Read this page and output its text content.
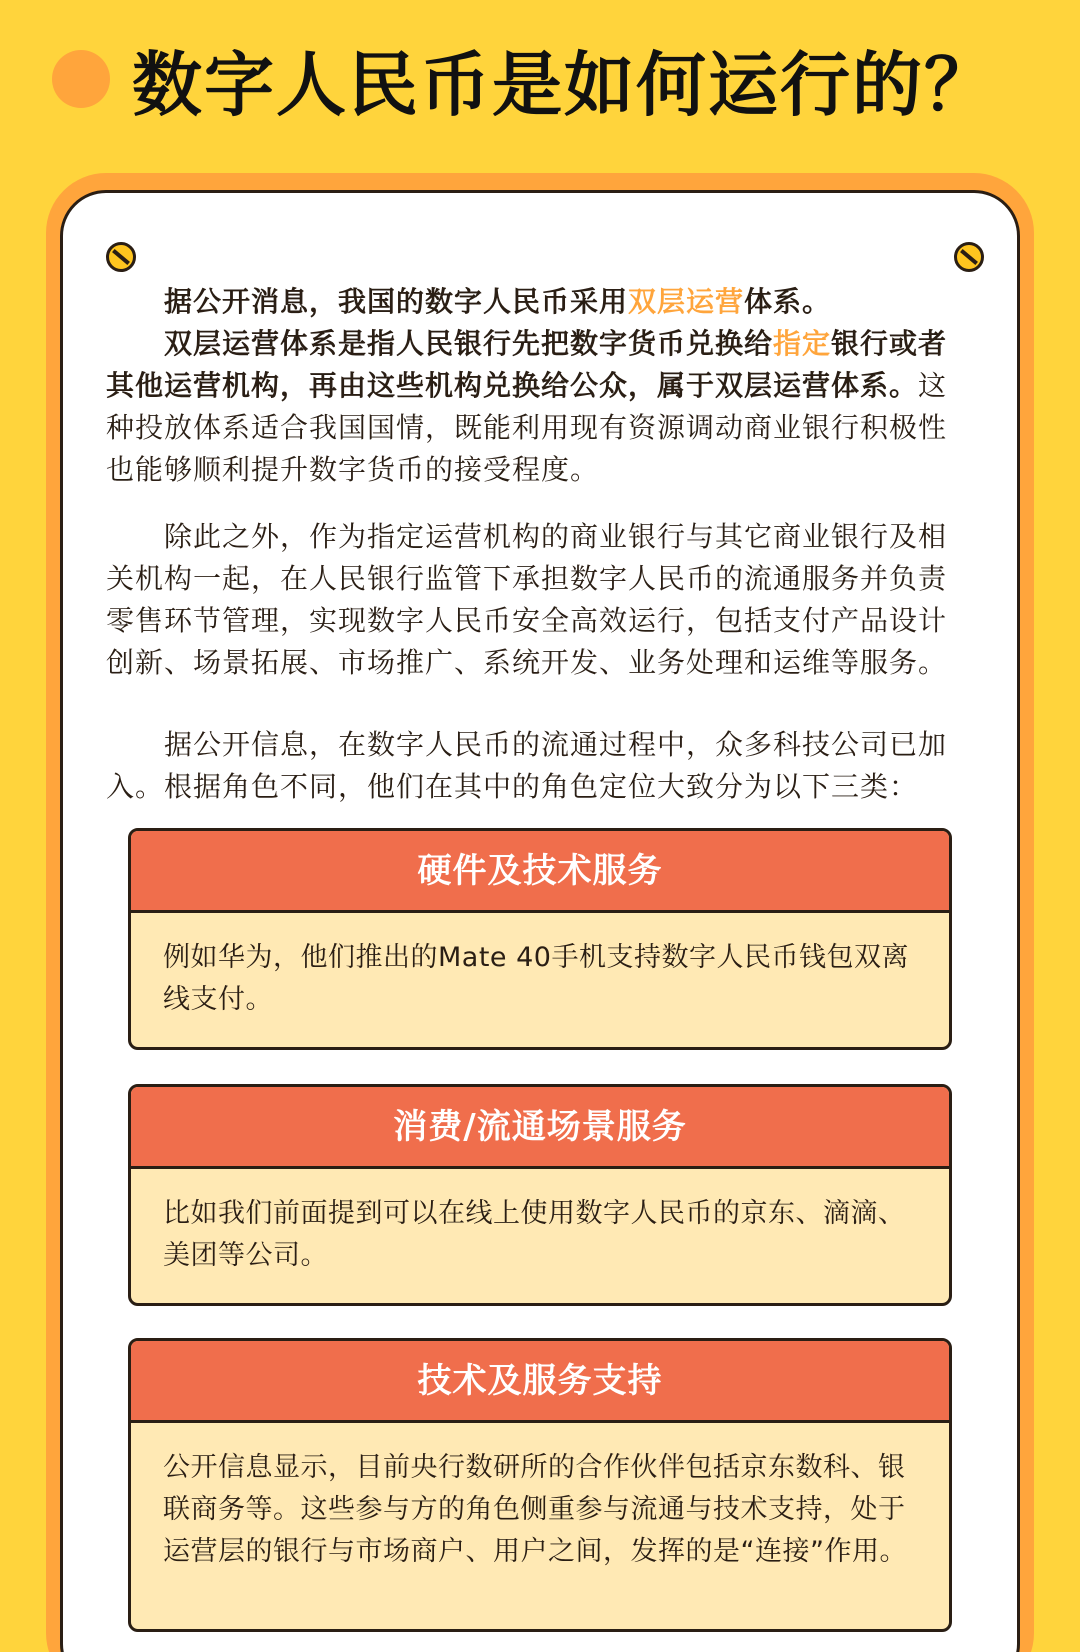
数字人民币是如何运行的？

据公开消息，我国的数字人民币采用双层运营体系。

双层运营体系是指人民银行先把数字货币兑换给指定银行或者其他运营机构，再由这些机构兑换给公众，属于双层运营体系。这种投放体系适合我国国情，既能利用现有资源调动商业银行积极性也能够顺利提升数字货币的接受程度。

除此之外，作为指定运营机构的商业银行与其它商业银行及相关机构一起，在人民银行监管下承担数字人民币的流通服务并负责零售环节管理，实现数字人民币安全高效运行，包括支付产品设计创新、场景拓展、市场推广、系统开发、业务处理和运维等服务。

据公开信息，在数字人民币的流通过程中，众多科技公司已加入。根据角色不同，他们在其中的角色定位大致分为以下三类：

硬件及技术服务
例如华为，他们推出的Mate 40手机支持数字人民币钱包双离线支付。
消费/流通场景服务
比如我们前面提到可以在线上使用数字人民币的京东、滴滴、美团等公司。
技术及服务支持
公开信息显示，目前央行数研所的合作伙伴包括京东数科、银联商务等。这些参与方的角色侧重参与流通与技术支持，处于运营层的银行与市场商户、用户之间，发挥的是“连接”作用。
